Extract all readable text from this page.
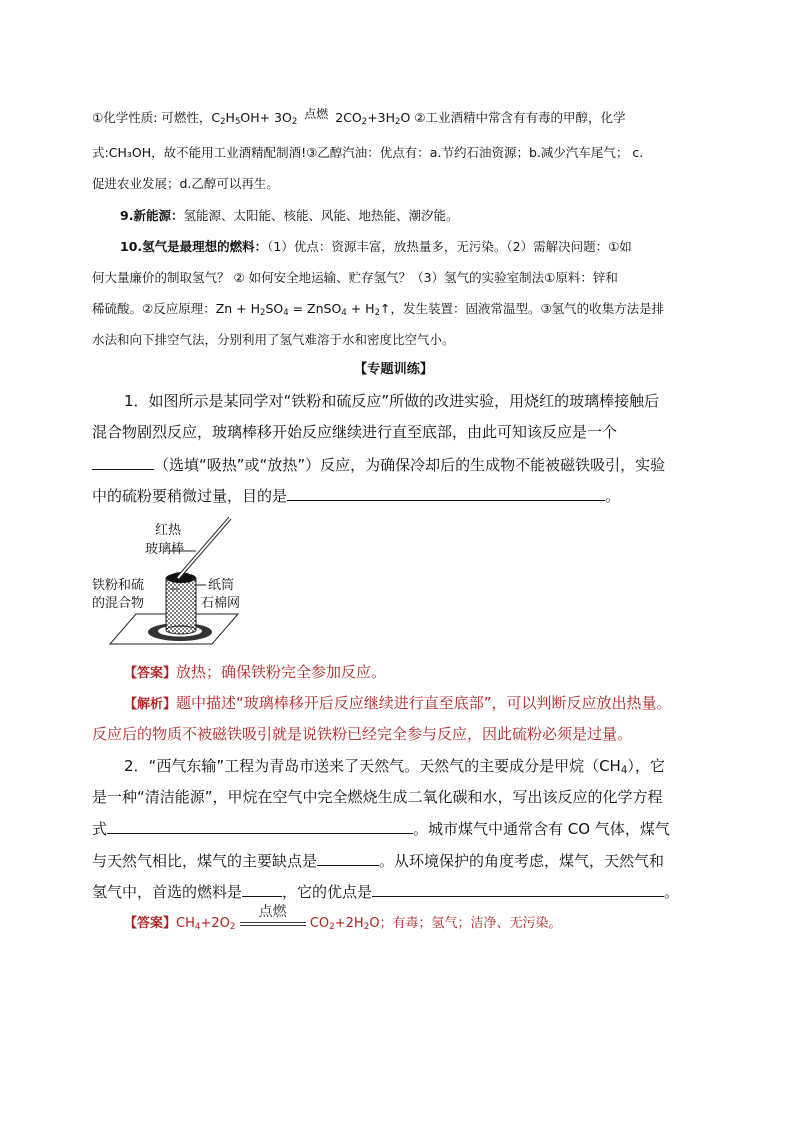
①化学性质: 可燃性，$C_2H_5OH+ 3O_2$
点燃 $2CO_2+3H_2O$ ②工业酒精中常含有有毒的甲醇，化学
式:CH₃OH，故不能用工业酒精配制酒!③乙醇汽油：优点有：a.节约石油资源；b.减少汽车尾气； c.
促进农业发展；d.乙醇可以再生。
9.新能源：氢能源、太阳能、核能、风能、地热能、潮汐能。
10.氢气是最理想的燃料：（1）优点：资源丰富，放热量多，无污染。（2）需解决问题：①如
何大量廉价的制取氢气？ ② 如何安全地运输、贮存氢气？（3）氢气的实验室制法①原料：锌和
稀硫酸。②反应原理：$Zn + H_2SO_4$ = ZnSO$_4$ + $H_2↑$，发生装置：固液常温型。③氢气的收集方法是排
水法和向下排空气法，分别利用了氢气难溶于水和密度比空气小。
【专题训练】
1．如图所示是某同学对“铁粉和硫反应”所做的改进实验，用烧红的玻璃棒接触后
混合物剧烈反应，玻璃棒移开始反应继续进行直至底部，由此可知该反应是一个
（选填“吸热”或“放热”）反应，为确保冷却后的生成物不能被磁铁吸引，实验
中的硫粉要稍微过量，目的是	。
红热
玻璃棒
铁粉和硫
的混合物
纸筒
石棉网
【答案】放热；确保铁粉完全参加反应。
【解析】题中描述“玻璃棒移开后反应继续进行直至底部”，可以判断反应放出热量。
反应后的物质不被磁铁吸引就是说铁粉已经完全参与反应，因此硫粉必须是过量。
2．“西气东输”工程为青岛市送来了天然气。天然气的主要成分是甲烷$(CH_4)$，它
是一种“清洁能源”，甲烷在空气中完全燃烧生成二氧化碳和水，写出该反应的化学方程
式	。城市煤气中通常含有 CO 气体，煤气
与天然气相比，煤气的主要缺点是	。从环境保护的角度考虑，煤气，天然气和
氢气中，首选的燃料是	，它的优点是	。
【答案】$CH_4+2O_2$
点燃
$CO_2+2H_2O$；有毒；氢气；洁净、无污染。
